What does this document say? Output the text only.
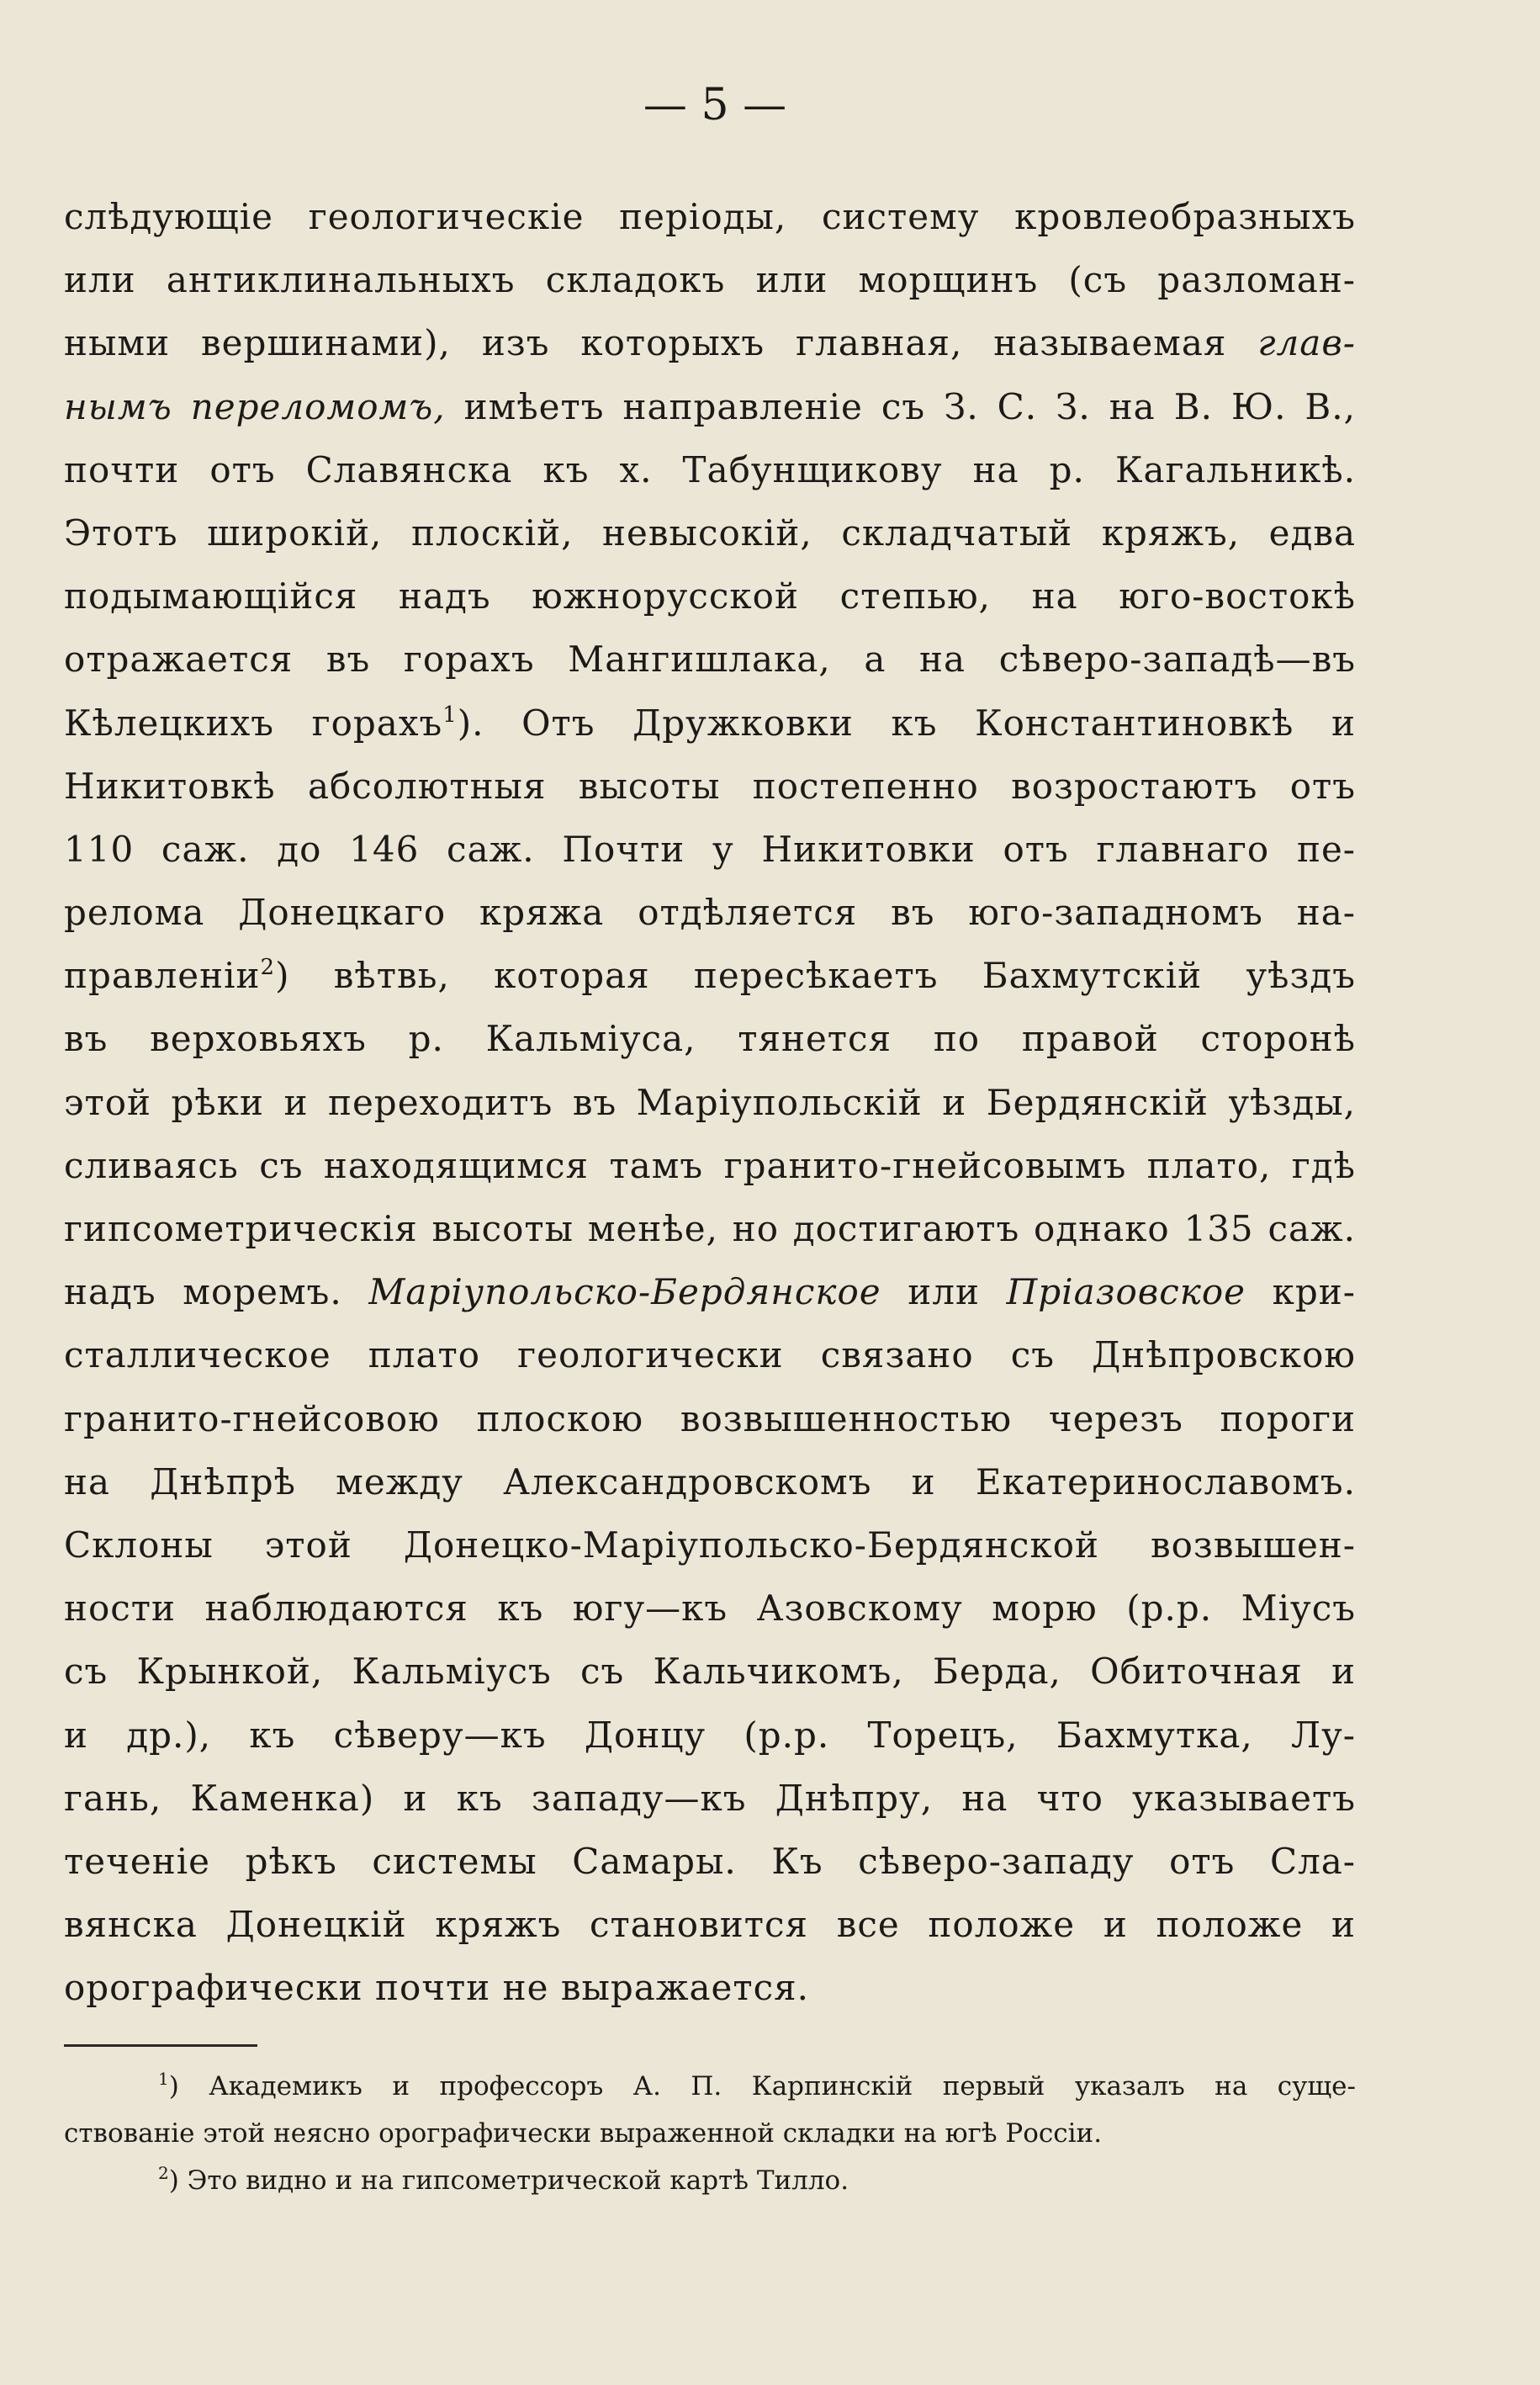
— 5 —
слѣдующіе геологическіе періоды, систему кровлеобразныхъ
или антиклинальныхъ складокъ или морщинъ (съ разломан-
ными вершинами), изъ которыхъ главная, называемая глав-
нымъ переломомъ, имѣетъ направленіе съ З. С. З. на В. Ю. В.,
почти отъ Славянска къ х. Табунщикову на р. Кагальникѣ.
Этотъ широкій, плоскій, невысокій, складчатый кряжъ, едва
подымающійся надъ южнорусской степью, на юго-востокѣ
отражается въ горахъ Мангишлака, а на сѣверо-западѣ—въ
Кѣлецкихъ горахъ$^1$). Отъ Дружковки къ Константиновкѣ и
Никитовкѣ абсолютныя высоты постепенно возростаютъ отъ
110 саж. до 146 саж. Почти у Никитовки отъ главнаго пе-
релома Донецкаго кряжа отдѣляется въ юго-западномъ на-
правленіи$^2$) вѣтвь, которая пересѣкаетъ Бахмутскій уѣздъ
въ верховьяхъ р. Кальміуса, тянется по правой сторонѣ
этой рѣки и переходитъ въ Маріупольскій и Бердянскій уѣзды,
сливаясь съ находящимся тамъ гранито-гнейсовымъ плато, гдѣ
гипсометрическія высоты менѣе, но достигаютъ однако 135 саж.
надъ моремъ. Маріупольско-Бердянское или Пріазовское кри-
сталлическое плато геологически связано съ Днѣпровскою
гранито-гнейсовою плоскою возвышенностью черезъ пороги
на Днѣпрѣ между Александровскомъ и Екатеринославомъ.
Склоны этой Донецко-Маріупольско-Бердянской возвышен-
ности наблюдаются къ югу—къ Азовскому морю (р.р. Міусъ
съ Крынкой, Кальміусъ съ Кальчикомъ, Берда, Обиточная и
и др.), къ сѣверу—къ Донцу (р.р. Торецъ, Бахмутка, Лу-
гань, Каменка) и къ западу—къ Днѣпру, на что указываетъ
теченіе рѣкъ системы Самары. Къ сѣверо-западу отъ Сла-
вянска Донецкій кряжъ становится все положе и положе и
орографически почти не выражается.
$^1$) Академикъ и профессоръ А. П. Карпинскій первый указалъ на суще-
ствованіе этой неясно орографически выраженной складки на югѣ Россіи.
$^2$) Это видно и на гипсометрической картѣ Тилло.
